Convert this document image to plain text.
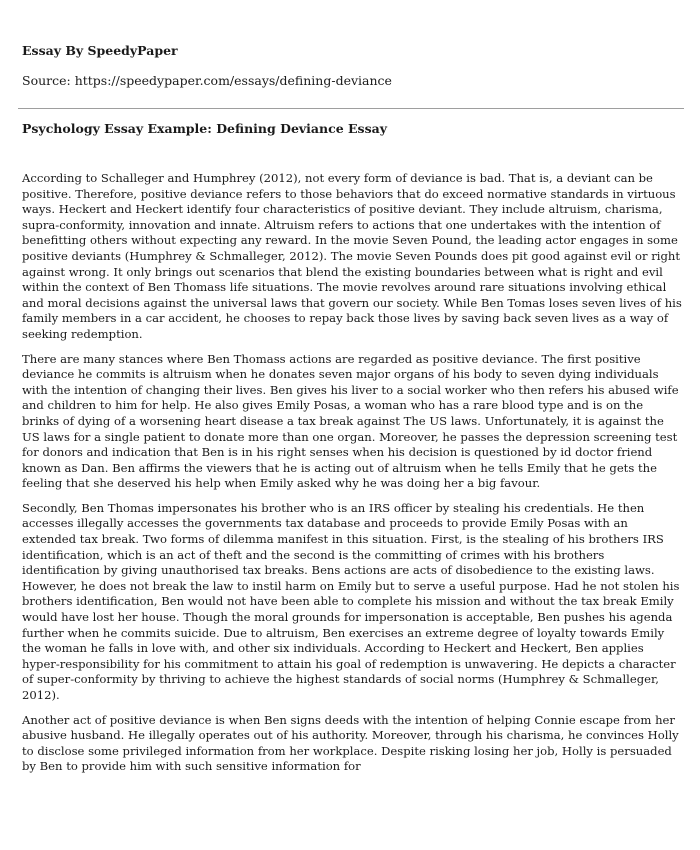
Essay By SpeedyPaper
Source: https://speedypaper.com/essays/defining-deviance
Psychology Essay Example: Defining Deviance Essay

According to Schalleger and Humphrey (2012), not every form of deviance is bad. That is, a deviant can be positive. Therefore, positive deviance refers to those behaviors that do exceed normative standards in virtuous ways. Heckert and Heckert identify four characteristics of positive deviant. They include altruism, charisma, supra-conformity, innovation and innate. Altruism refers to actions that one undertakes with the intention of benefitting others without expecting any reward. In the movie Seven Pound, the leading actor engages in some positive deviants (Humphrey & Schmalleger, 2012). The movie Seven Pounds does pit good against evil or right against wrong. It only brings out scenarios that blend the existing boundaries between what is right and evil within the context of Ben Thomass life situations. The movie revolves around rare situations involving ethical and moral decisions against the universal laws that govern our society. While Ben Tomas loses seven lives of his family members in a car accident, he chooses to repay back those lives by saving back seven lives as a way of seeking redemption.

There are many stances where Ben Thomass actions are regarded as positive deviance. The first positive deviance he commits is altruism when he donates seven major organs of his body to seven dying individuals with the intention of changing their lives. Ben gives his liver to a social worker who then refers his abused wife and children to him for help. He also gives Emily Posas, a woman who has a rare blood type and is on the brinks of dying of a worsening heart disease a tax break against The US laws. Unfortunately, it is against the US laws for a single patient to donate more than one organ. Moreover, he passes the depression screening test for donors and indication that Ben is in his right senses when his decision is questioned by id doctor friend known as Dan. Ben affirms the viewers that he is acting out of altruism when he tells Emily that he gets the feeling that she deserved his help when Emily asked why he was doing her a big favour.

Secondly, Ben Thomas impersonates his brother who is an IRS officer by stealing his credentials. He then accesses illegally accesses the governments tax database and proceeds to provide Emily Posas with an extended tax break. Two forms of dilemma manifest in this situation. First, is the stealing of his brothers IRS identification, which is an act of theft and the second is the committing of crimes with his brothers identification by giving unauthorised tax breaks. Bens actions are acts of disobedience to the existing laws. However, he does not break the law to instil harm on Emily but to serve a useful purpose. Had he not stolen his brothers identification, Ben would not have been able to complete his mission and without the tax break Emily would have lost her house. Though the moral grounds for impersonation is acceptable, Ben pushes his agenda further when he commits suicide. Due to altruism, Ben exercises an extreme degree of loyalty towards Emily the woman he falls in love with, and other six individuals. According to Heckert and Heckert, Ben applies hyper-responsibility for his commitment to attain his goal of redemption is unwavering. He depicts a character of super-conformity by thriving to achieve the highest standards of social norms (Humphrey & Schmalleger, 2012).

Another act of positive deviance is when Ben signs deeds with the intention of helping Connie escape from her abusive husband. He illegally operates out of his authority. Moreover, through his charisma, he convinces Holly to disclose some privileged information from her workplace. Despite risking losing her job, Holly is persuaded by Ben to provide him with such sensitive information for
